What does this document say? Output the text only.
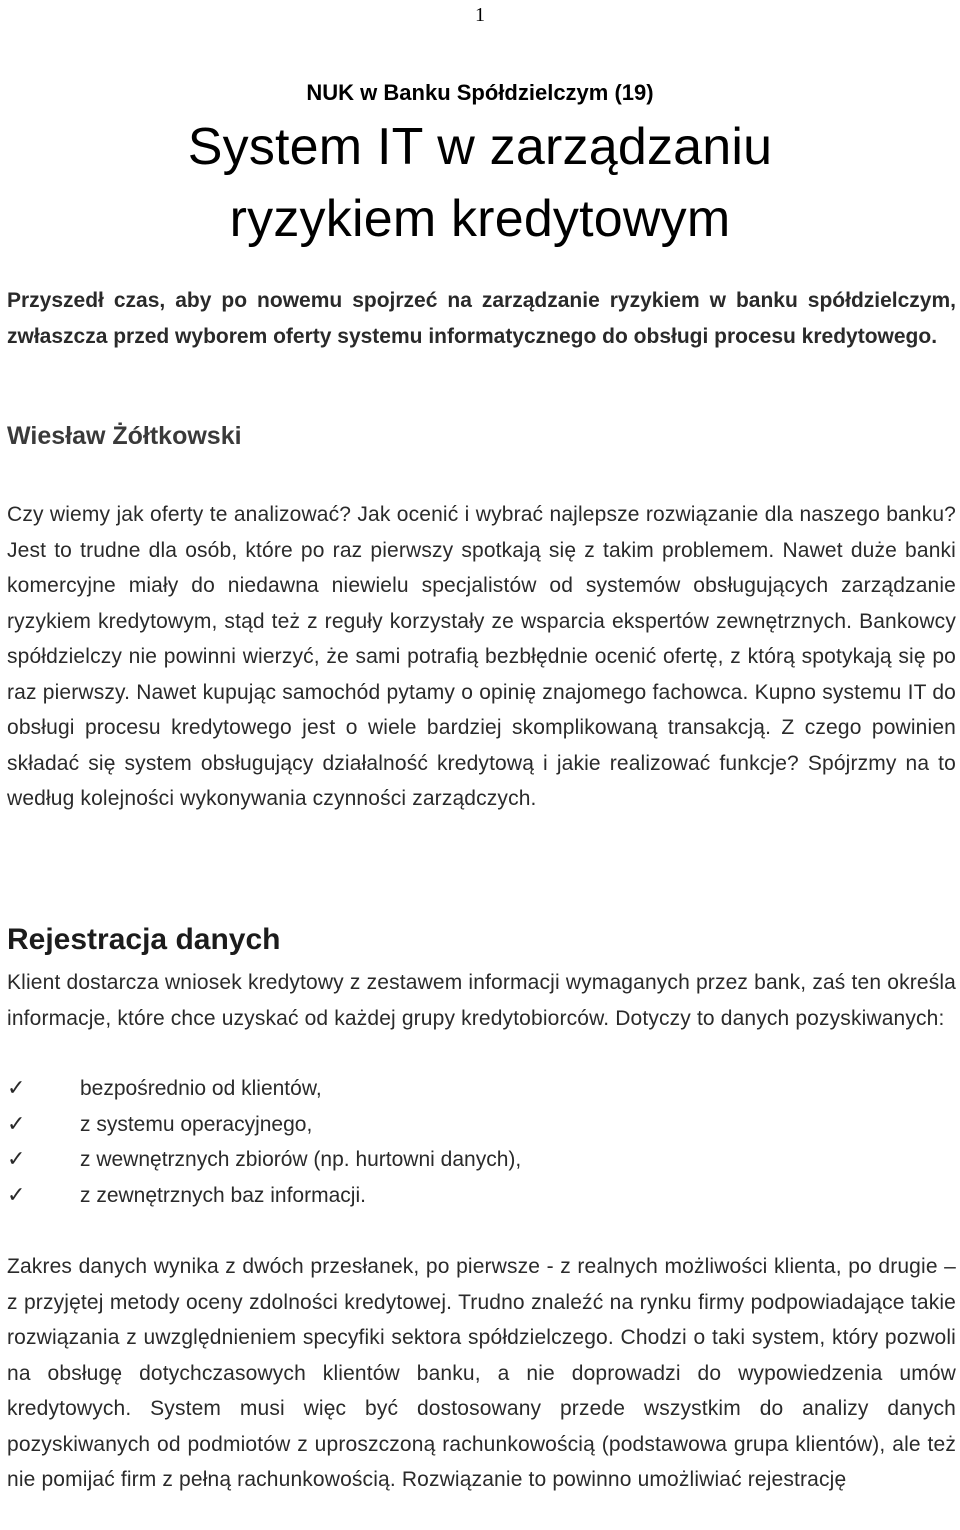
1
NUK w Banku Spółdzielczym (19)
System IT w zarządzaniu
ryzykiem kredytowym

Przyszedł czas, aby po nowemu spojrzeć na zarządzanie ryzykiem w banku spółdzielczym, zwłaszcza przed wyborem oferty systemu informatycznego do obsługi procesu kredytowego.

Wiesław Żółtkowski

Czy wiemy jak oferty te analizować? Jak ocenić i wybrać najlepsze rozwiązanie dla naszego banku? Jest to trudne dla osób, które po raz pierwszy spotkają się z takim problemem. Nawet duże banki komercyjne miały do niedawna niewielu specjalistów od systemów obsługujących zarządzanie ryzykiem kredytowym, stąd też z reguły korzystały ze wsparcia ekspertów zewnętrznych. Bankowcy spółdzielczy nie powinni wierzyć, że sami potrafią bezbłędnie ocenić ofertę, z którą spotykają się po raz pierwszy. Nawet kupując samochód pytamy o opinię znajomego fachowca. Kupno systemu IT do obsługi procesu kredytowego jest o wiele bardziej skomplikowaną transakcją. Z czego powinien składać się system obsługujący działalność kredytową i jakie realizować funkcje? Spójrzmy na to według kolejności wykonywania czynności zarządczych.

Rejestracja danych

Klient dostarcza wniosek kredytowy z zestawem informacji wymaganych przez bank, zaś ten określa informacje, które chce uzyskać od każdej grupy kredytobiorców. Dotyczy to danych pozyskiwanych:

✓	bezpośrednio od klientów,
✓	z systemu operacyjnego,
✓	z wewnętrznych zbiorów (np. hurtowni danych),
✓	z zewnętrznych baz informacji.

Zakres danych wynika z dwóch przesłanek, po pierwsze - z realnych możliwości klienta, po drugie – z przyjętej metody oceny zdolności kredytowej. Trudno znaleźć na rynku firmy podpowiadające takie rozwiązania z uwzględnieniem specyfiki sektora spółdzielczego. Chodzi o taki system, który pozwoli na obsługę dotychczasowych klientów banku, a nie doprowadzi do wypowiedzenia umów kredytowych. System musi więc być dostosowany przede wszystkim do analizy danych pozyskiwanych od podmiotów z uproszczoną rachunkowością (podstawowa grupa klientów), ale też nie pomijać firm z pełną rachunkowością. Rozwiązanie to powinno umożliwiać rejestrację
